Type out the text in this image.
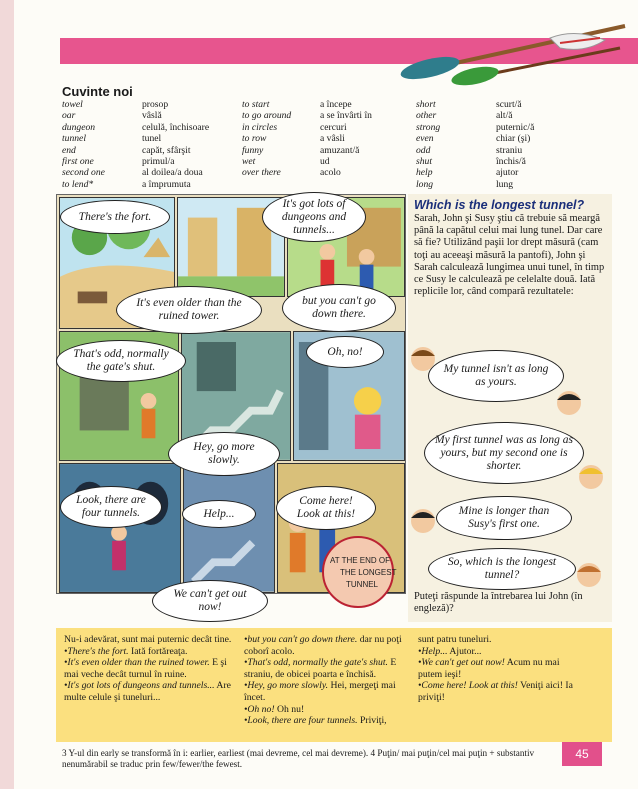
Cuvinte noi
towel	prosop
oar	vâslă
dungeon	celulă, închisoare
tunnel	tunel
end	capăt, sfârşit
first one	primul/a
second one	al doilea/a doua
to lend*	a împrumuta
to start	a începe
to go around	a se învârti în
in circles	cercuri
to row	a vâsli
funny	amuzant/ă
wet	ud
over there	acolo
short	scurt/ă
other	alt/ă
strong	puternic/ă
even	chiar (şi)
odd	straniu
shut	închis/ă
help	ajutor
long	lung
There's the fort.
It's got lots of dungeons and tunnels...
It's even older than the ruined tower.
but you can't go down there.
That's odd, normally the gate's shut.
Oh, no!
Hey, go more slowly.
Look, there are four tunnels.	Help...
Come here! Look at this!
We can't get out now!
AT THE END OF
THE LONGEST
TUNNEL
Which is the longest tunnel?
Sarah, John şi Susy ştiu că trebuie să meargă până la capătul celui mai lung tunel. Dar care să fie? Utilizând paşii lor drept măsură (cam toţi au aceeaşi măsură la pantofi), John şi Sarah calculează lungimea unui tunel, în timp ce Susy le calculează pe celelalte două. Iată replicile lor, când compară rezultatele:
My tunnel isn't as long as yours.
My first tunnel was as long as yours, but my second one is shorter.
Mine is longer than Susy's first one.
So, which is the longest tunnel?
Puteţi răspunde la întrebarea lui John (în engleză)?

Nu-i adevărat, sunt mai puternic decât tine.

•There's the fort. Iată fortăreaţa.

•It's even older than the ruined tower. E şi mai veche decât turnul în ruine.

•It's got lots of dungeons and tunnels... Are multe celule şi tuneluri...

•but you can't go down there. dar nu poţi coborî acolo.

•That's odd, normally the gate's shut. E straniu, de obicei poarta e închisă.

•Hey, go more slowly. Hei, mergeţi mai încet.

•Oh no! Oh nu!

•Look, there are four tunnels. Priviţi,

sunt patru tuneluri.

•Help... Ajutor...

•We can't get out now! Acum nu mai putem ieşi!

•Come here! Look at this! Veniţi aici! Ia priviţi!

3 Y-ul din early se transformă în i: earlier, earliest (mai devreme, cel mai devreme). 4 Puţin/ mai puţin/cel mai puţin + substantiv nenumărabil se traduc prin few/fewer/the fewest.
45
